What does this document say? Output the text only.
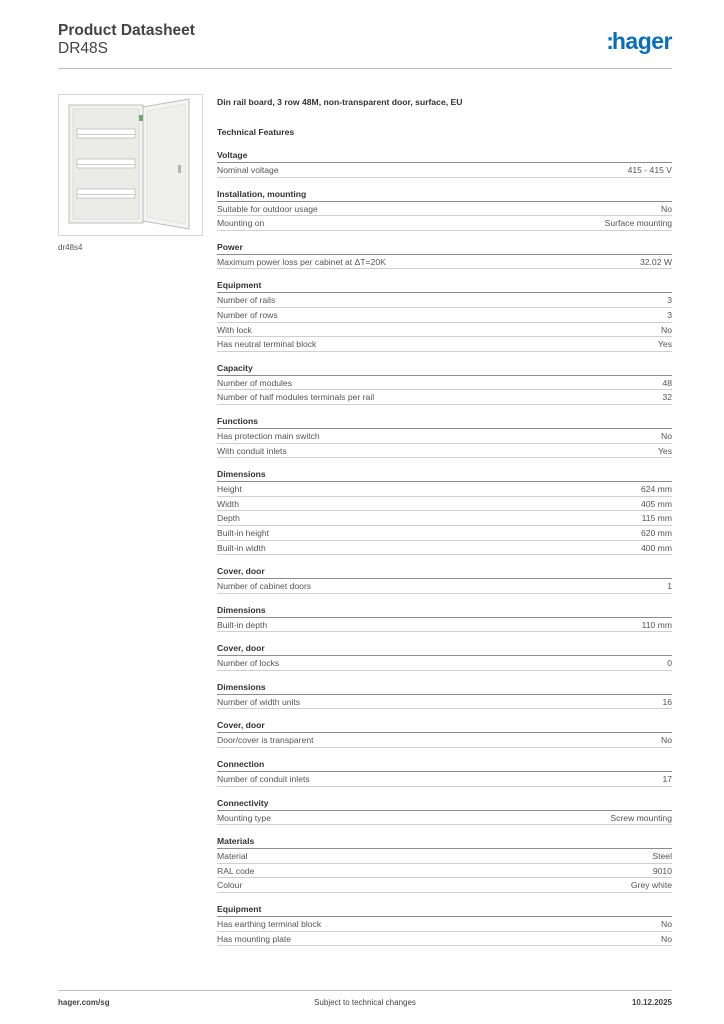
Product Datasheet
DR48S	:hager
dr48s4
Din rail board, 3 row 48M, non-transparent door, surface, EU
Technical Features
Voltage
Nominal voltage	415 - 415 V
Installation, mounting
Suitable for outdoor usage	No
Mounting on	Surface mounting
Power
Maximum power loss per cabinet at ΔT=20K	32.02 W
Equipment
Number of rails	3
Number of rows	3
With lock	No
Has neutral terminal block	Yes
Capacity
Number of modules	48
Number of half modules terminals per rail	32
Functions
Has protection main switch	No
With conduit inlets	Yes
Dimensions
Height	624 mm
Width	405 mm
Depth	115 mm
Built-in height	620 mm
Built-in width	400 mm
Cover, door
Number of cabinet doors	1
Dimensions
Built-in depth	110 mm
Cover, door
Number of locks	0
Dimensions
Number of width units	16
Cover, door
Door/cover is transparent	No
Connection
Number of conduit inlets	17
Connectivity
Mounting type	Screw mounting
Materials
Material	Steel
RAL code	9010
Colour	Grey white
Equipment
Has earthing terminal block	No
Has mounting plate	No
hager.com/sg	Subject to technical changes	10.12.2025
